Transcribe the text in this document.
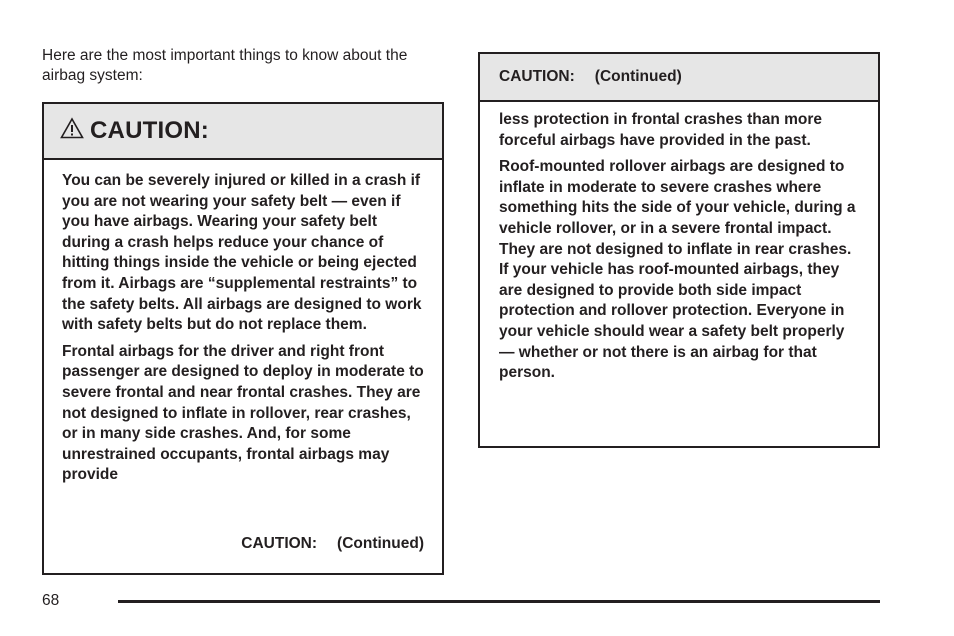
Here are the most important things to know about the airbag system:

CAUTION:

You can be severely injured or killed in a crash if you are not wearing your safety belt — even if you have airbags. Wearing your safety belt during a crash helps reduce your chance of hitting things inside the vehicle or being ejected from it. Airbags are “supplemental restraints” to the safety belts. All airbags are designed to work with safety belts but do not replace them.

Frontal airbags for the driver and right front passenger are designed to deploy in moderate to severe frontal and near frontal crashes. They are not designed to inflate in rollover, rear crashes, or in many side crashes. And, for some unrestrained occupants, frontal airbags may provide

CAUTION: (Continued)
CAUTION: (Continued)

less protection in frontal crashes than more forceful airbags have provided in the past.

Roof-mounted rollover airbags are designed to inflate in moderate to severe crashes where something hits the side of your vehicle, during a vehicle rollover, or in a severe frontal impact. They are not designed to inflate in rear crashes. If your vehicle has roof-mounted airbags, they are designed to provide both side impact protection and rollover protection. Everyone in your vehicle should wear a safety belt properly — whether or not there is an airbag for that person.

68
